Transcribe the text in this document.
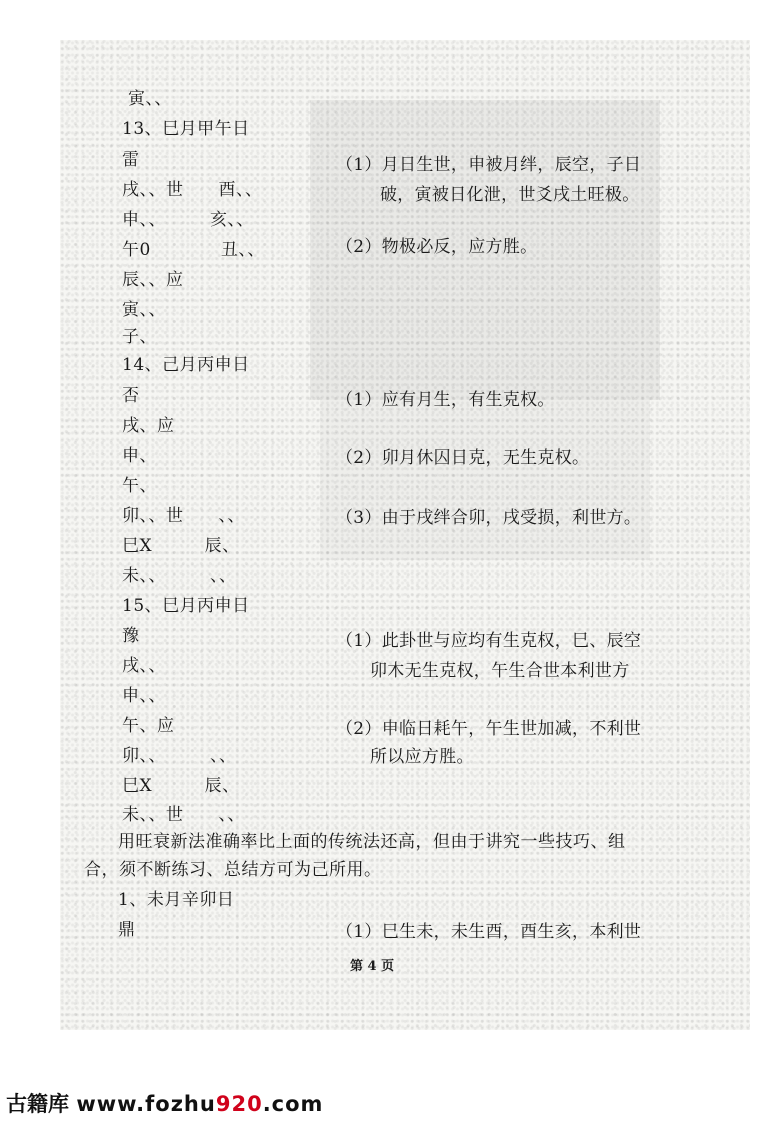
寅、、
13、巳月甲午日
雷
戌、、世　　酉、、
申、、　　　亥、、
午0　　　　丑、、
辰、、应
寅、、
子、
14、己月丙申日
否
戌、应
申、
午、
卯、、世　　、、
巳X　　　辰、
未、、　　　、、
15、巳月丙申日
豫
戌、、
申、、
午、应
卯、、　　　、、
巳X　　　辰、
未、、世　　、、
（1）月日生世，申被月绊，辰空，子日
破，寅被日化泄，世爻戌土旺极。
（2）物极必反，应方胜。
（1）应有月生，有生克权。
（2）卯月休囚日克，无生克权。
（3）由于戌绊合卯，戌受损，利世方。
（1）此卦世与应均有生克权，巳、辰空
卯木无生克权，午生合世本利世方
（2）申临日耗午，午生世加减，不利世
所以应方胜。
（1）巳生未，未生酉，酉生亥，本利世
用旺衰新法准确率比上面的传统法还高，但由于讲究一些技巧、组
合，须不断练习、总结方可为己所用。
1、未月辛卯日
鼎
第 4 页
古籍库 www.fozhu920.com
